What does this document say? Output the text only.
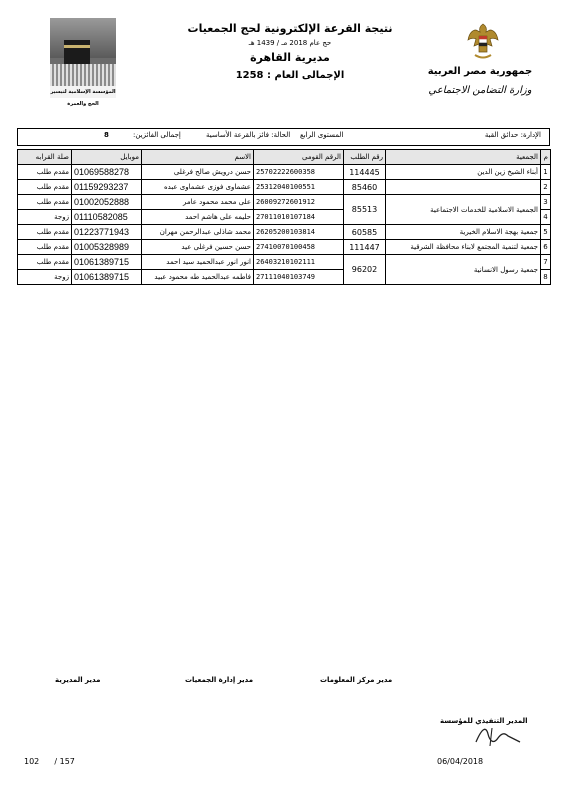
نتيجة القرعة الإلكترونية لحج الجمعيات
حج عام 2018 مـ / 1439 هـ
مديرية القاهرة
الإجمالى العام : 1258
المؤسسة الإسلامية لتيسير الحج والعمرة
جمهورية مصر العربية
وزارة التضامن الاجتماعي
الإدارة: حدائق القبة
المستوى الرابع
الحالة: فائز بالقرعة الأساسية
إجمالى الفائزين:
8
م	الجمعية	رقم الطلب	الرقم القومى	الاسم	موبايل	صلة القرابه
1	أبناء الشيخ زين الدين	114445	25702222600358	حسن درويش صالح فرغلى	01069588278	مقدم طلب
2		85460	25312040100551	عشماوى فوزى عشماوى عبده	01159293237	مقدم طلب
3	الجمعية الاسلامية للخدمات الاجتماعية	85513	26009272601912	على محمد محمود عامر	01002052888	مقدم طلب
4			27011010107184	حليمه على هاشم احمد	01110582085	زوجة
5	جمعية بهجة الاسلام الخيرية	60585	26205200103814	محمد شاذلى عبدالرحمن مهران	01223771943	مقدم طلب
6	جمعية لتنمية المجتمع لابناء محافظة الشرقية	111447	27410070100458	حسن حسين فرغلى عيد	01005328989	مقدم طلب
7	جمعية رسول الانسانية	96202	26403210102111	انور انور عبدالحميد سيد احمد	01061389715	مقدم طلب
8			27111040103749	فاطمه عبدالحميد طه محمود عبيد	01061389715	زوجة
مدير المديرية	مدير إدارة الجمعيات	مدير مركز المعلومات
المدير التنفيذي للمؤسسة
06/04/2018
102 / 157
